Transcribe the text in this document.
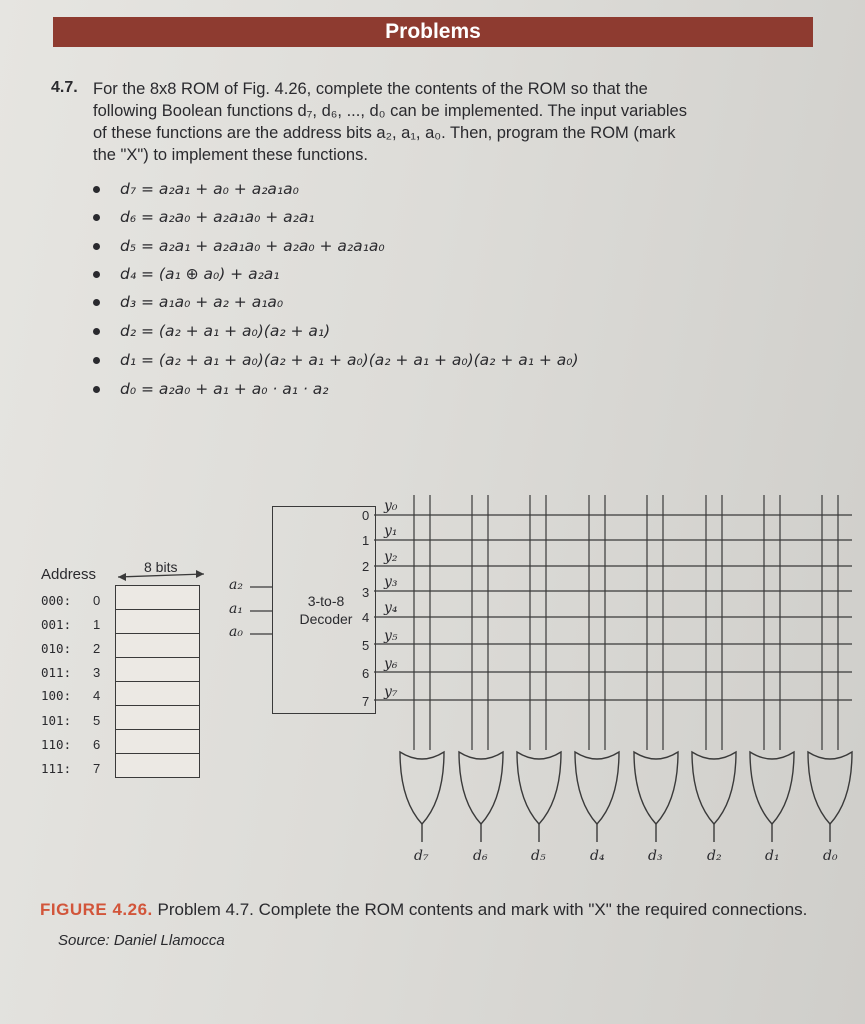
Problems
4.7. For the 8x8 ROM of Fig. 4.26, complete the contents of the ROM so that the
following Boolean functions d₇, d₆, ..., d₀ can be implemented. The input variables
of these functions are the address bits a₂, a₁, a₀. Then, program the ROM (mark
the "X") to implement these functions.
d₇ = a₂a₁ + a₀ + a₂a₁a₀
d₆ = a₂a₀ + a₂a₁a₀ + a₂a₁
d₅ = a₂a₁ + a₂a₁a₀ + a₂a₀ + a₂a₁a₀
d₄ = (a₁ ⊕ a₀) + a₂a₁
d₃ = a₁a₀ + a₂ + a₁a₀
d₂ = (a₂ + a₁ + a₀)(a₂ + a₁)
d₁ = (a₂ + a₁ + a₀)(a₂ + a₁ + a₀)(a₂ + a₁ + a₀)(a₂ + a₁ + a₀)
d₀ = a₂a₀ + a₁ + a₀ · a₁ · a₂
Address	8 bits
000: 0
001: 1
010: 2
011: 3
100: 4
101: 5
110: 6
111: 7
3-to-8
Decoder
a₂
a₁
a₀
0
1
2
3
4
5
6
7
y₀
y₁
y₂
y₃
y₄
y₅
y₆
y₇
d₇	d₆	d₅	d₄	d₃	d₂	d₁	d₀
FIGURE 4.26. Problem 4.7. Complete the ROM contents and mark with "X" the required connections. Source: Daniel Llamocca
